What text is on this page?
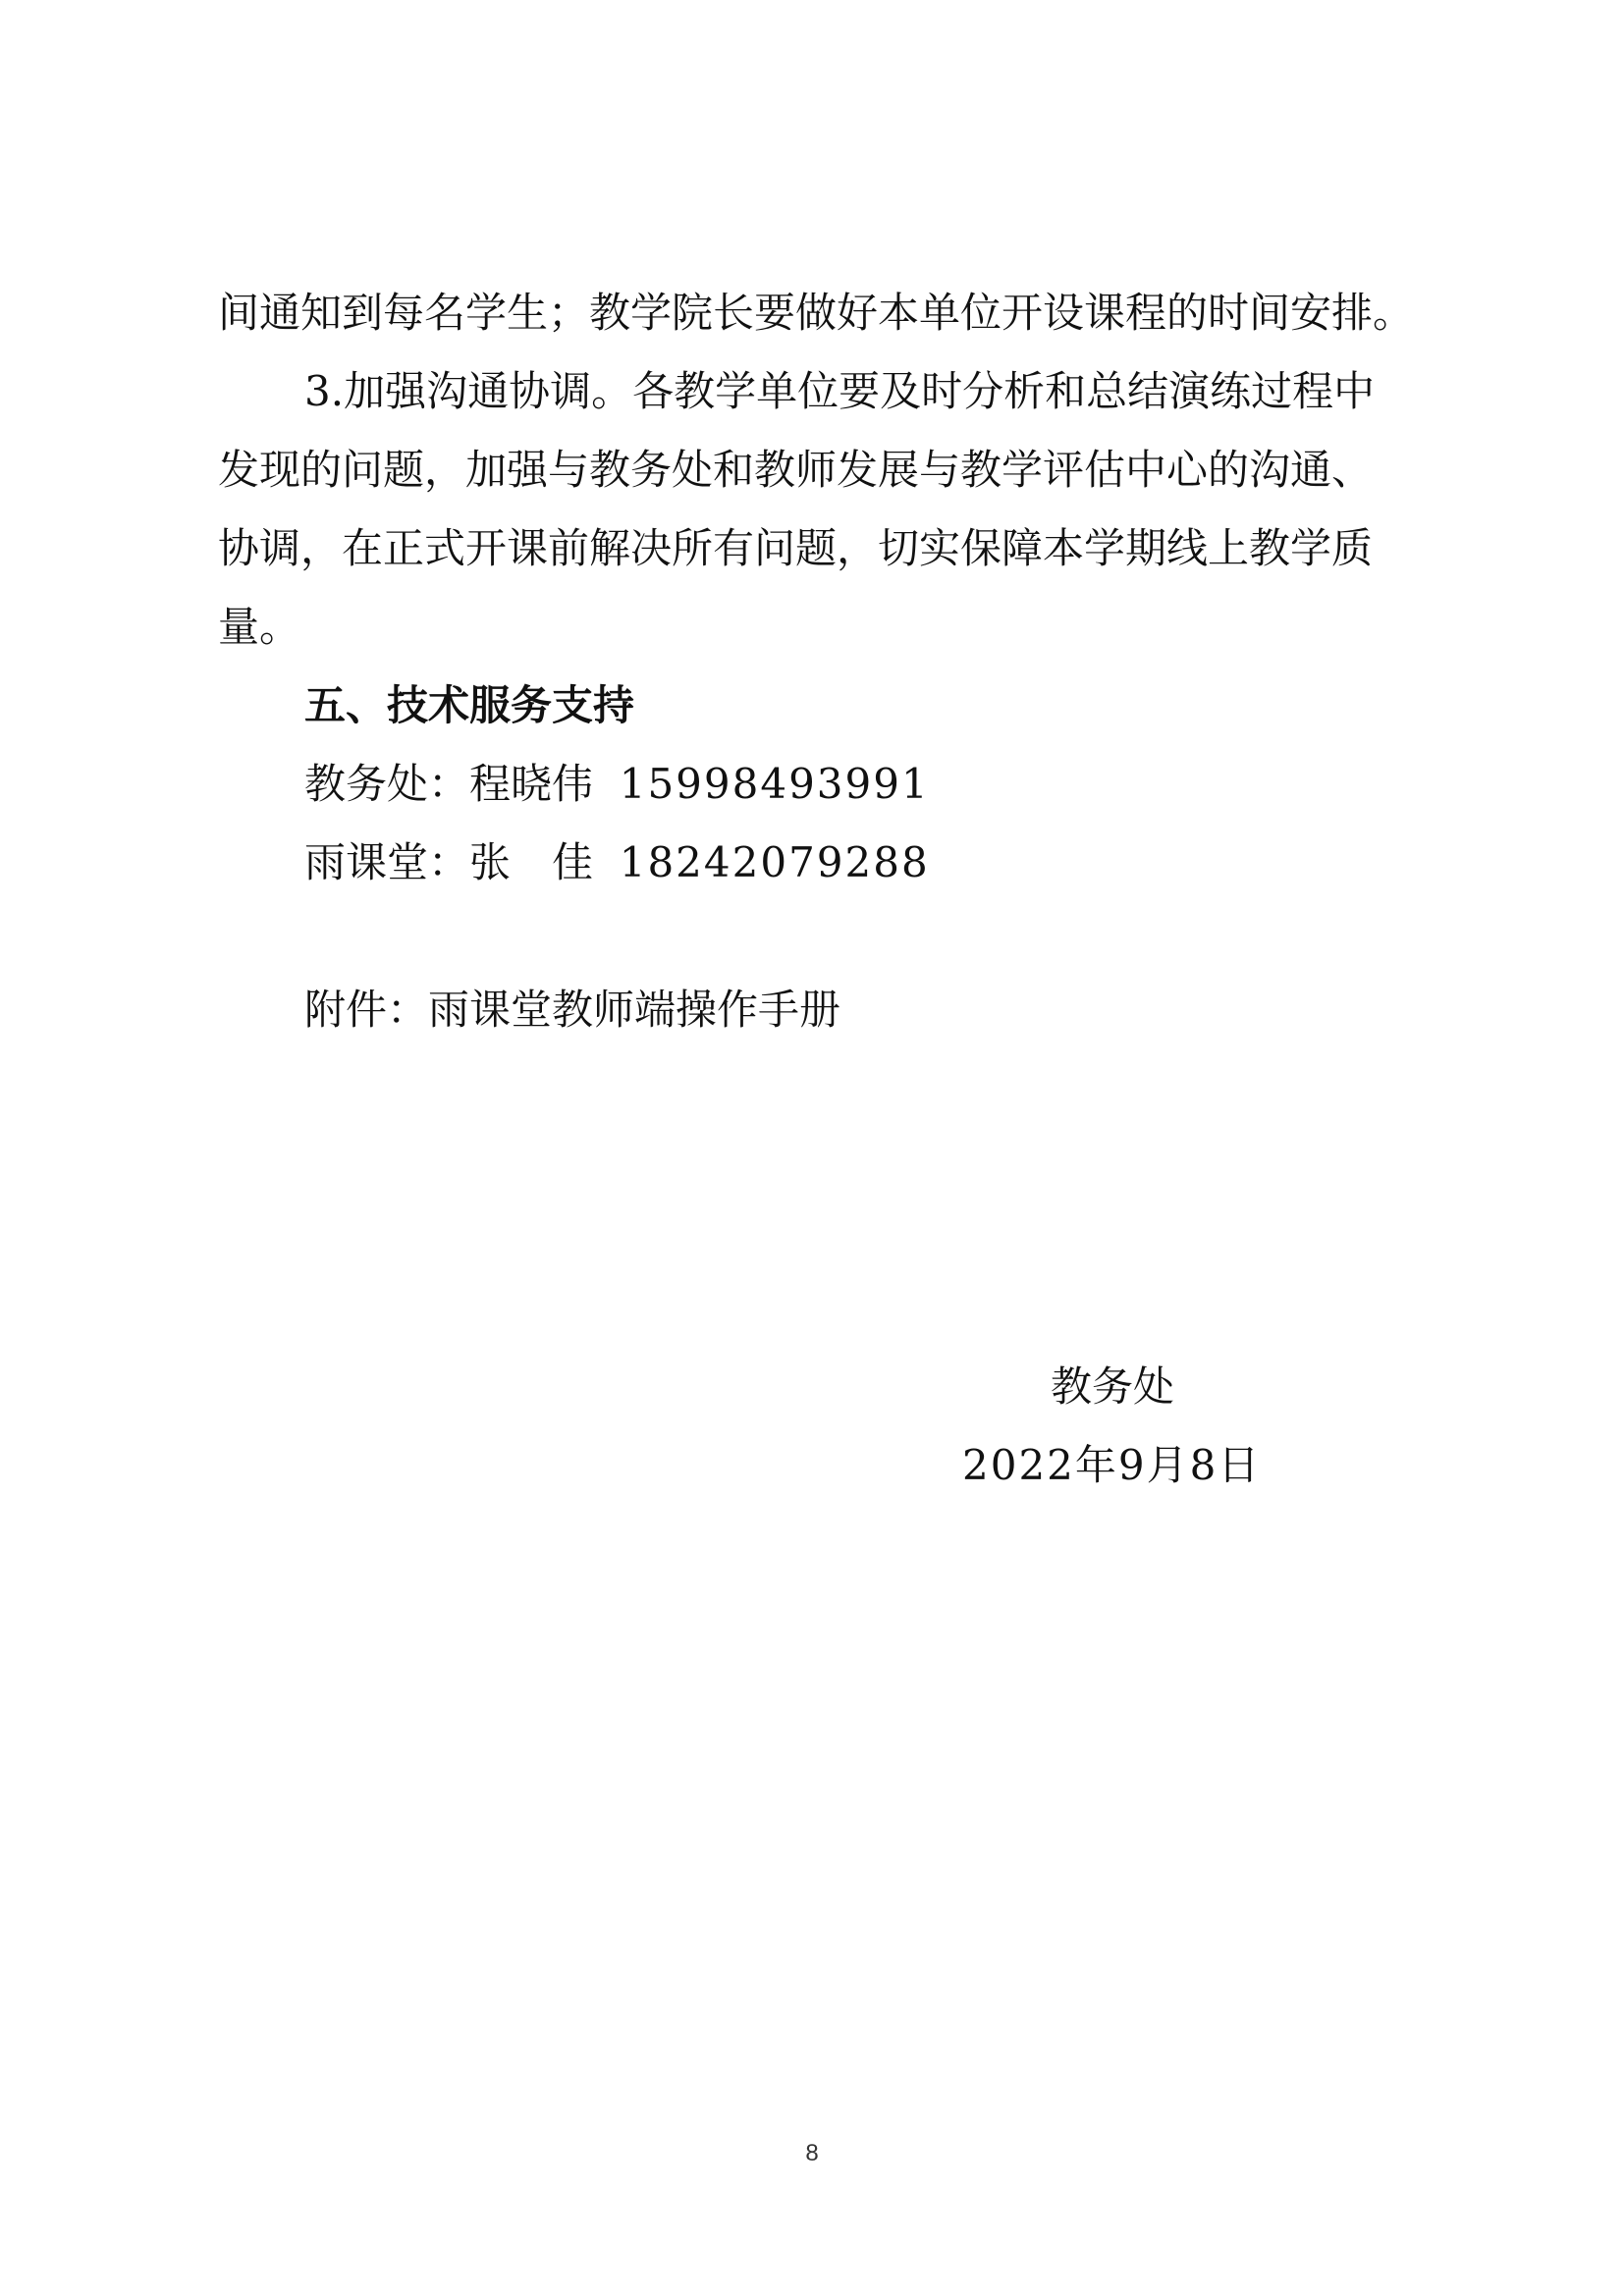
间通知到每名学生；教学院长要做好本单位开设课程的时间安排。
3.加强沟通协调。各教学单位要及时分析和总结演练过程中
发现的问题，加强与教务处和教师发展与教学评估中心的沟通、
协调，在正式开课前解决所有问题，切实保障本学期线上教学质
量。
五、技术服务支持
教务处：程晓伟 15998493991
雨课堂：张　佳 18242079288
附件：雨课堂教师端操作手册
教务处
2022年9月8日
8
